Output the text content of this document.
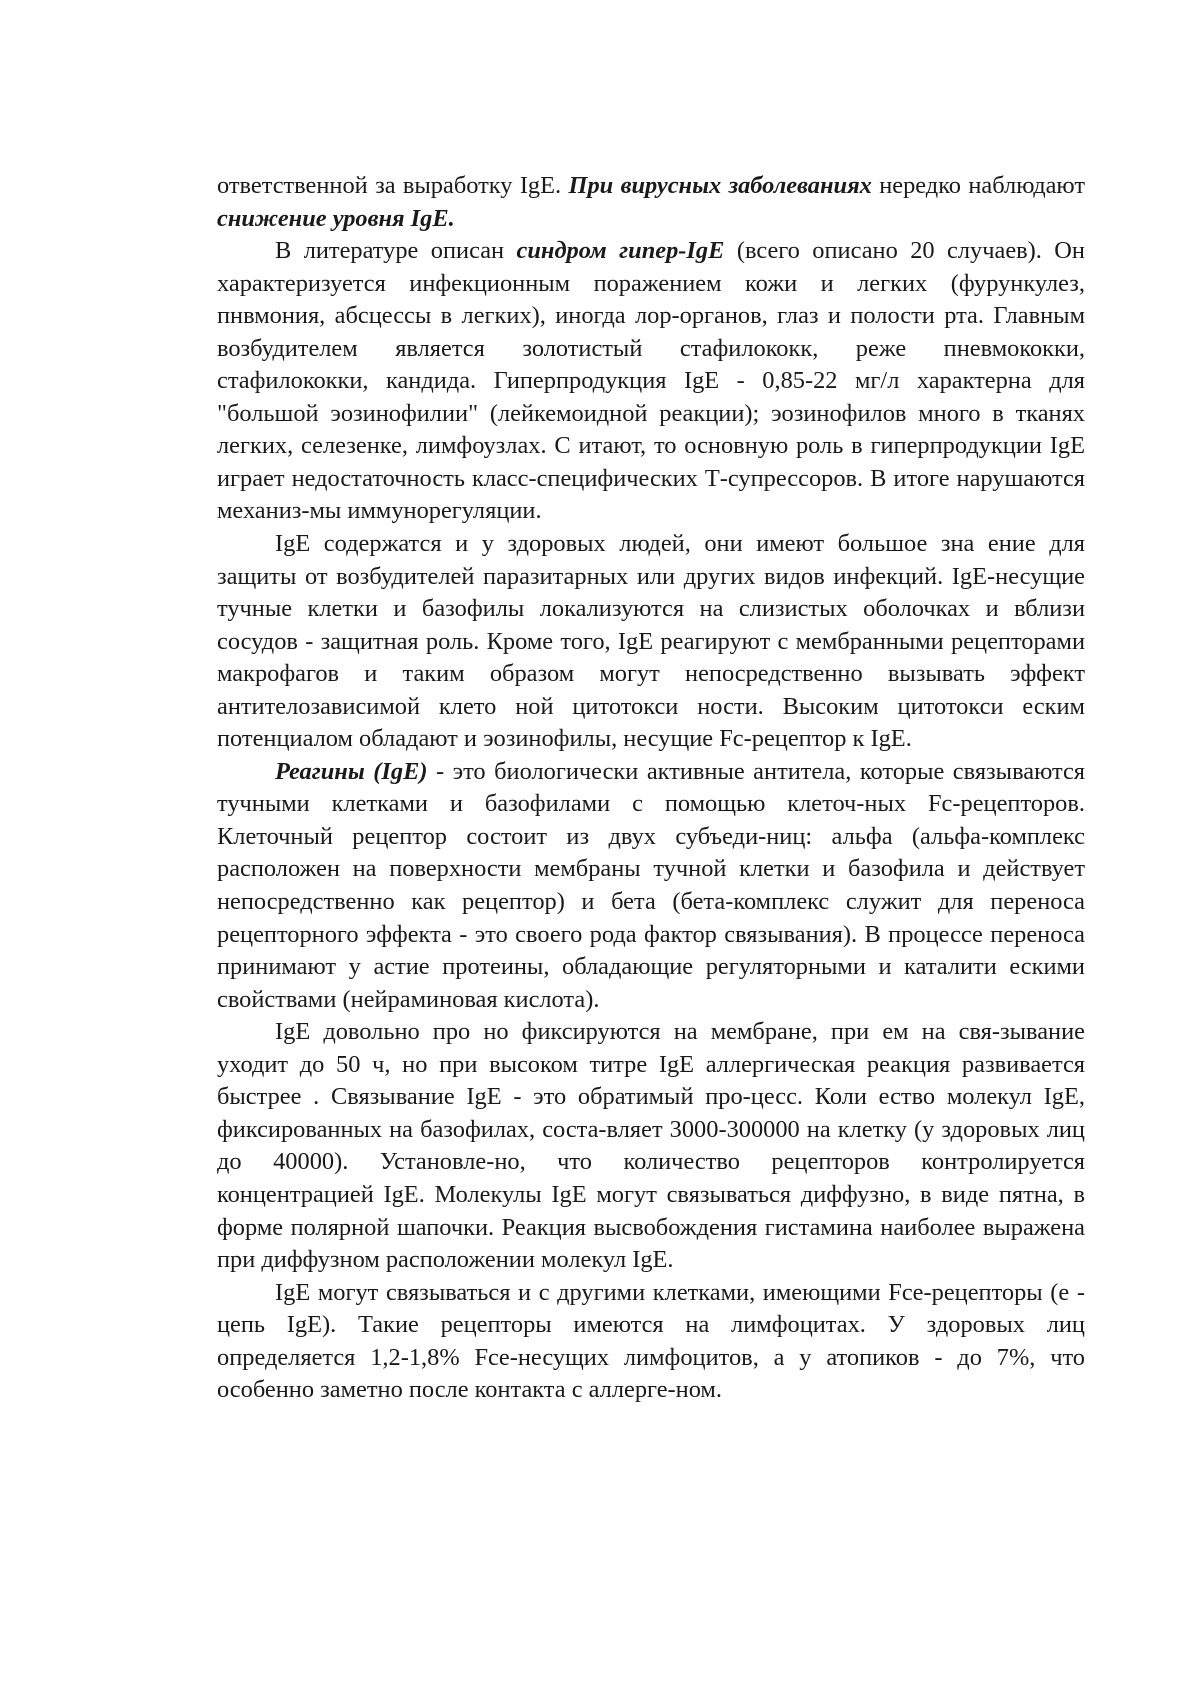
ответственной за выработку IgE. При вирусных заболеваниях нередко наблюдают снижение уровня IgE.

В литературе описан синдром гипер-IgE (всего описано 20 случаев). Он характеризуется инфекционным поражением кожи и легких (фурункулез, пнвмония, абсцессы в легких), иногда лор-органов, глаз и полости рта. Главным возбудителем является золотистый стафилококк, реже пневмококки, стафилококки, кандида. Гиперпродукция IgE - 0,85-22 мг/л характерна для "большой эозинофилии" (лейкемоидной реакции); эозинофилов много в тканях легких, селезенке, лимфоузлах. С итают, то основную роль в гиперпродукции IgE играет недостаточность класс-специфических Т-супрессоров. В итоге нарушаются механиз-мы иммунорегуляции.

IgE содержатся и у здоровых людей, они имеют большое зна ение для защиты от возбудителей паразитарных или других видов инфекций. IgE-несущие тучные клетки и базофилы локализуются на слизистых оболочках и вблизи сосудов - защитная роль. Кроме того, IgE реагируют с мембранными рецепторами макрофагов и таким образом могут непосредственно вызывать эффект антителозависимой клето ной цитотокси ности. Высоким цитотокси еским потенциалом обладают и эозинофилы, несущие Fc-рецептор к IgE.

Реагины (IgE) - это биологически активные антитела, которые связываются тучными клетками и базофилами с помощью клеточ-ных Fc-рецепторов. Клеточный рецептор состоит из двух субъеди-ниц: альфа (альфа-комплекс расположен на поверхности мембраны тучной клетки и базофила и действует непосредственно как рецептор) и бета (бета-комплекс служит для переноса рецепторного эффекта - это своего рода фактор связывания). В процессе переноса принимают у астие протеины, обладающие регуляторными и каталити ескими свойствами (нейраминовая кислота).

IgE довольно про но фиксируются на мембране, при ем на свя-зывание уходит до 50 ч, но при высоком титре IgE аллергическая реакция развивается быстрее . Связывание IgE - это обратимый про-цесс. Коли ество молекул IgE, фиксированных на базофилах, соста-вляет 3000-300000 на клетку (у здоровых лиц до 40000). Установле-но, что количество рецепторов контролируется концентрацией IgE. Молекулы IgE могут связываться диффузно, в виде пятна, в форме полярной шапочки. Реакция высвобождения гистамина наиболее выражена при диффузном расположении молекул IgE.

IgE могут связываться и с другими клетками, имеющими Fce-рецепторы (е - цепь IgE). Такие рецепторы имеются на лимфоцитах. У здоровых лиц определяется 1,2-1,8% Fce-несущих лимфоцитов, а у атопиков - до 7%, что особенно заметно после контакта с аллерге-ном.
